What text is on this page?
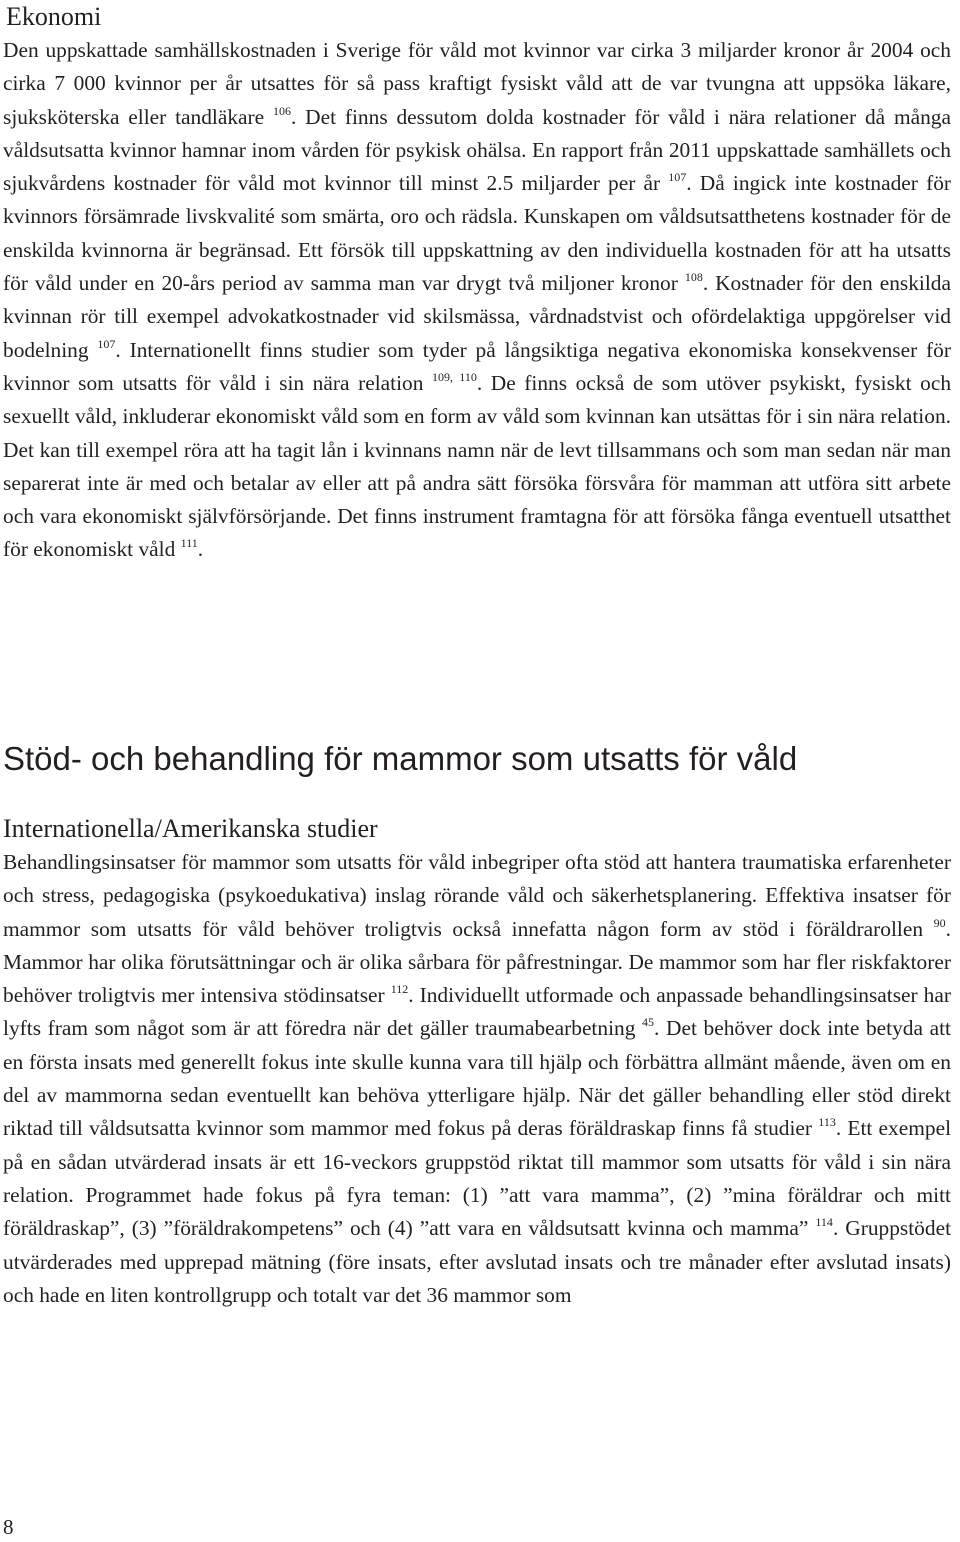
Ekonomi

Den uppskattade samhällskostnaden i Sverige för våld mot kvinnor var cirka 3 miljarder kronor år 2004 och cirka 7 000 kvinnor per år utsattes för så pass kraftigt fysiskt våld att de var tvungna att uppsöka läkare, sjuksköterska eller tandläkare $^{106}$. Det finns dessutom dolda kostnader för våld i nära relationer då många våldsutsatta kvinnor hamnar inom vården för psykisk ohälsa. En rapport från 2011 uppskattade samhällets och sjukvårdens kostnader för våld mot kvinnor till minst 2.5 miljarder per år $^{107}$. Då ingick inte kostnader för kvinnors försämrade livskvalité som smärta, oro och rädsla. Kunskapen om våldsutsatthetens kostnader för de enskilda kvinnorna är begränsad. Ett försök till uppskattning av den individuella kostnaden för att ha utsatts för våld under en 20-års period av samma man var drygt två miljoner kronor $^{108}$. Kostnader för den enskilda kvinnan rör till exempel advokatkostnader vid skilsmässa, vårdnadstvist och ofördelaktiga uppgörelser vid bodelning $^{107}$. Internationellt finns studier som tyder på långsiktiga negativa ekonomiska konsekvenser för kvinnor som utsatts för våld i sin nära relation $^{109, 110}$. De finns också de som utöver psykiskt, fysiskt och sexuellt våld, inkluderar ekonomiskt våld som en form av våld som kvinnan kan utsättas för i sin nära relation. Det kan till exempel röra att ha tagit lån i kvinnans namn när de levt tillsammans och som man sedan när man separerat inte är med och betalar av eller att på andra sätt försöka försvåra för mamman att utföra sitt arbete och vara ekonomiskt självförsörjande. Det finns instrument framtagna för att försöka fånga eventuell utsatthet för ekonomiskt våld $^{111}$.

Stöd- och behandling för mammor som utsatts för våld
Internationella/Amerikanska studier

Behandlingsinsatser för mammor som utsatts för våld inbegriper ofta stöd att hantera traumatiska erfarenheter och stress, pedagogiska (psykoedukativa) inslag rörande våld och säkerhetsplanering. Effektiva insatser för mammor som utsatts för våld behöver troligtvis också innefatta någon form av stöd i föräldrarollen $^{90}$. Mammor har olika förutsättningar och är olika sårbara för påfrestningar. De mammor som har fler riskfaktorer behöver troligtvis mer intensiva stödinsatser $^{112}$. Individuellt utformade och anpassade behandlingsinsatser har lyfts fram som något som är att föredra när det gäller traumabearbetning $^{45}$. Det behöver dock inte betyda att en första insats med generellt fokus inte skulle kunna vara till hjälp och förbättra allmänt mående, även om en del av mammorna sedan eventuellt kan behöva ytterligare hjälp. När det gäller behandling eller stöd direkt riktad till våldsutsatta kvinnor som mammor med fokus på deras föräldraskap finns få studier $^{113}$. Ett exempel på en sådan utvärderad insats är ett 16-veckors gruppstöd riktat till mammor som utsatts för våld i sin nära relation. Programmet hade fokus på fyra teman: (1) ”att vara mamma”, (2) ”mina föräldrar och mitt föräldraskap”, (3) ”föräldrakompetens” och (4) ”att vara en våldsutsatt kvinna och mamma” $^{114}$. Gruppstödet utvärderades med upprepad mätning (före insats, efter avslutad insats och tre månader efter avslutad insats) och hade en liten kontrollgrupp och totalt var det 36 mammor som

8
